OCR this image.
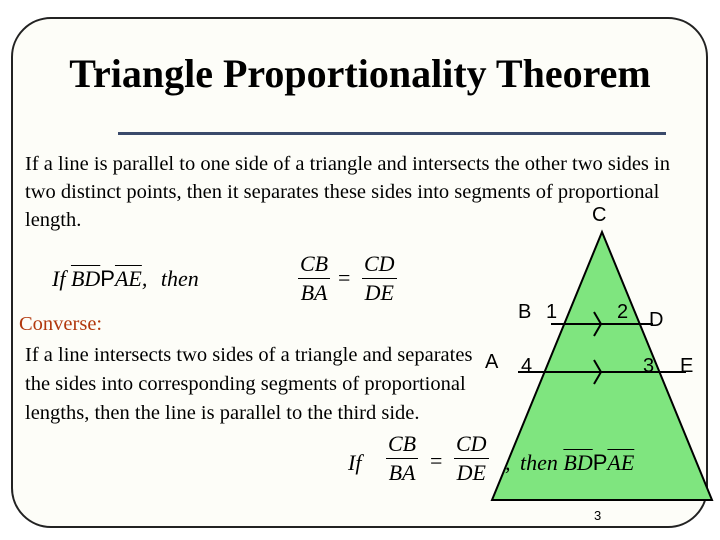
Triangle Proportionality Theorem
If a line is parallel to one side of a triangle and intersects the other two sides in two distinct points, then it separates these sides into segments of proportional length.	C
B 1	2 D
A 4	3 E
If $\overline{BD}P\overline{AE}$, then	$\frac{CB}{BA} = \frac{CD}{DE}$
Converse:
If a line intersects two sides of a triangle and separates the sides into corresponding segments of proportional lengths, then the line is parallel to the third side.
If $\frac{CB}{BA} = \frac{CD}{DE}$ , then $\overline{BD}P\overline{AE}$
3
